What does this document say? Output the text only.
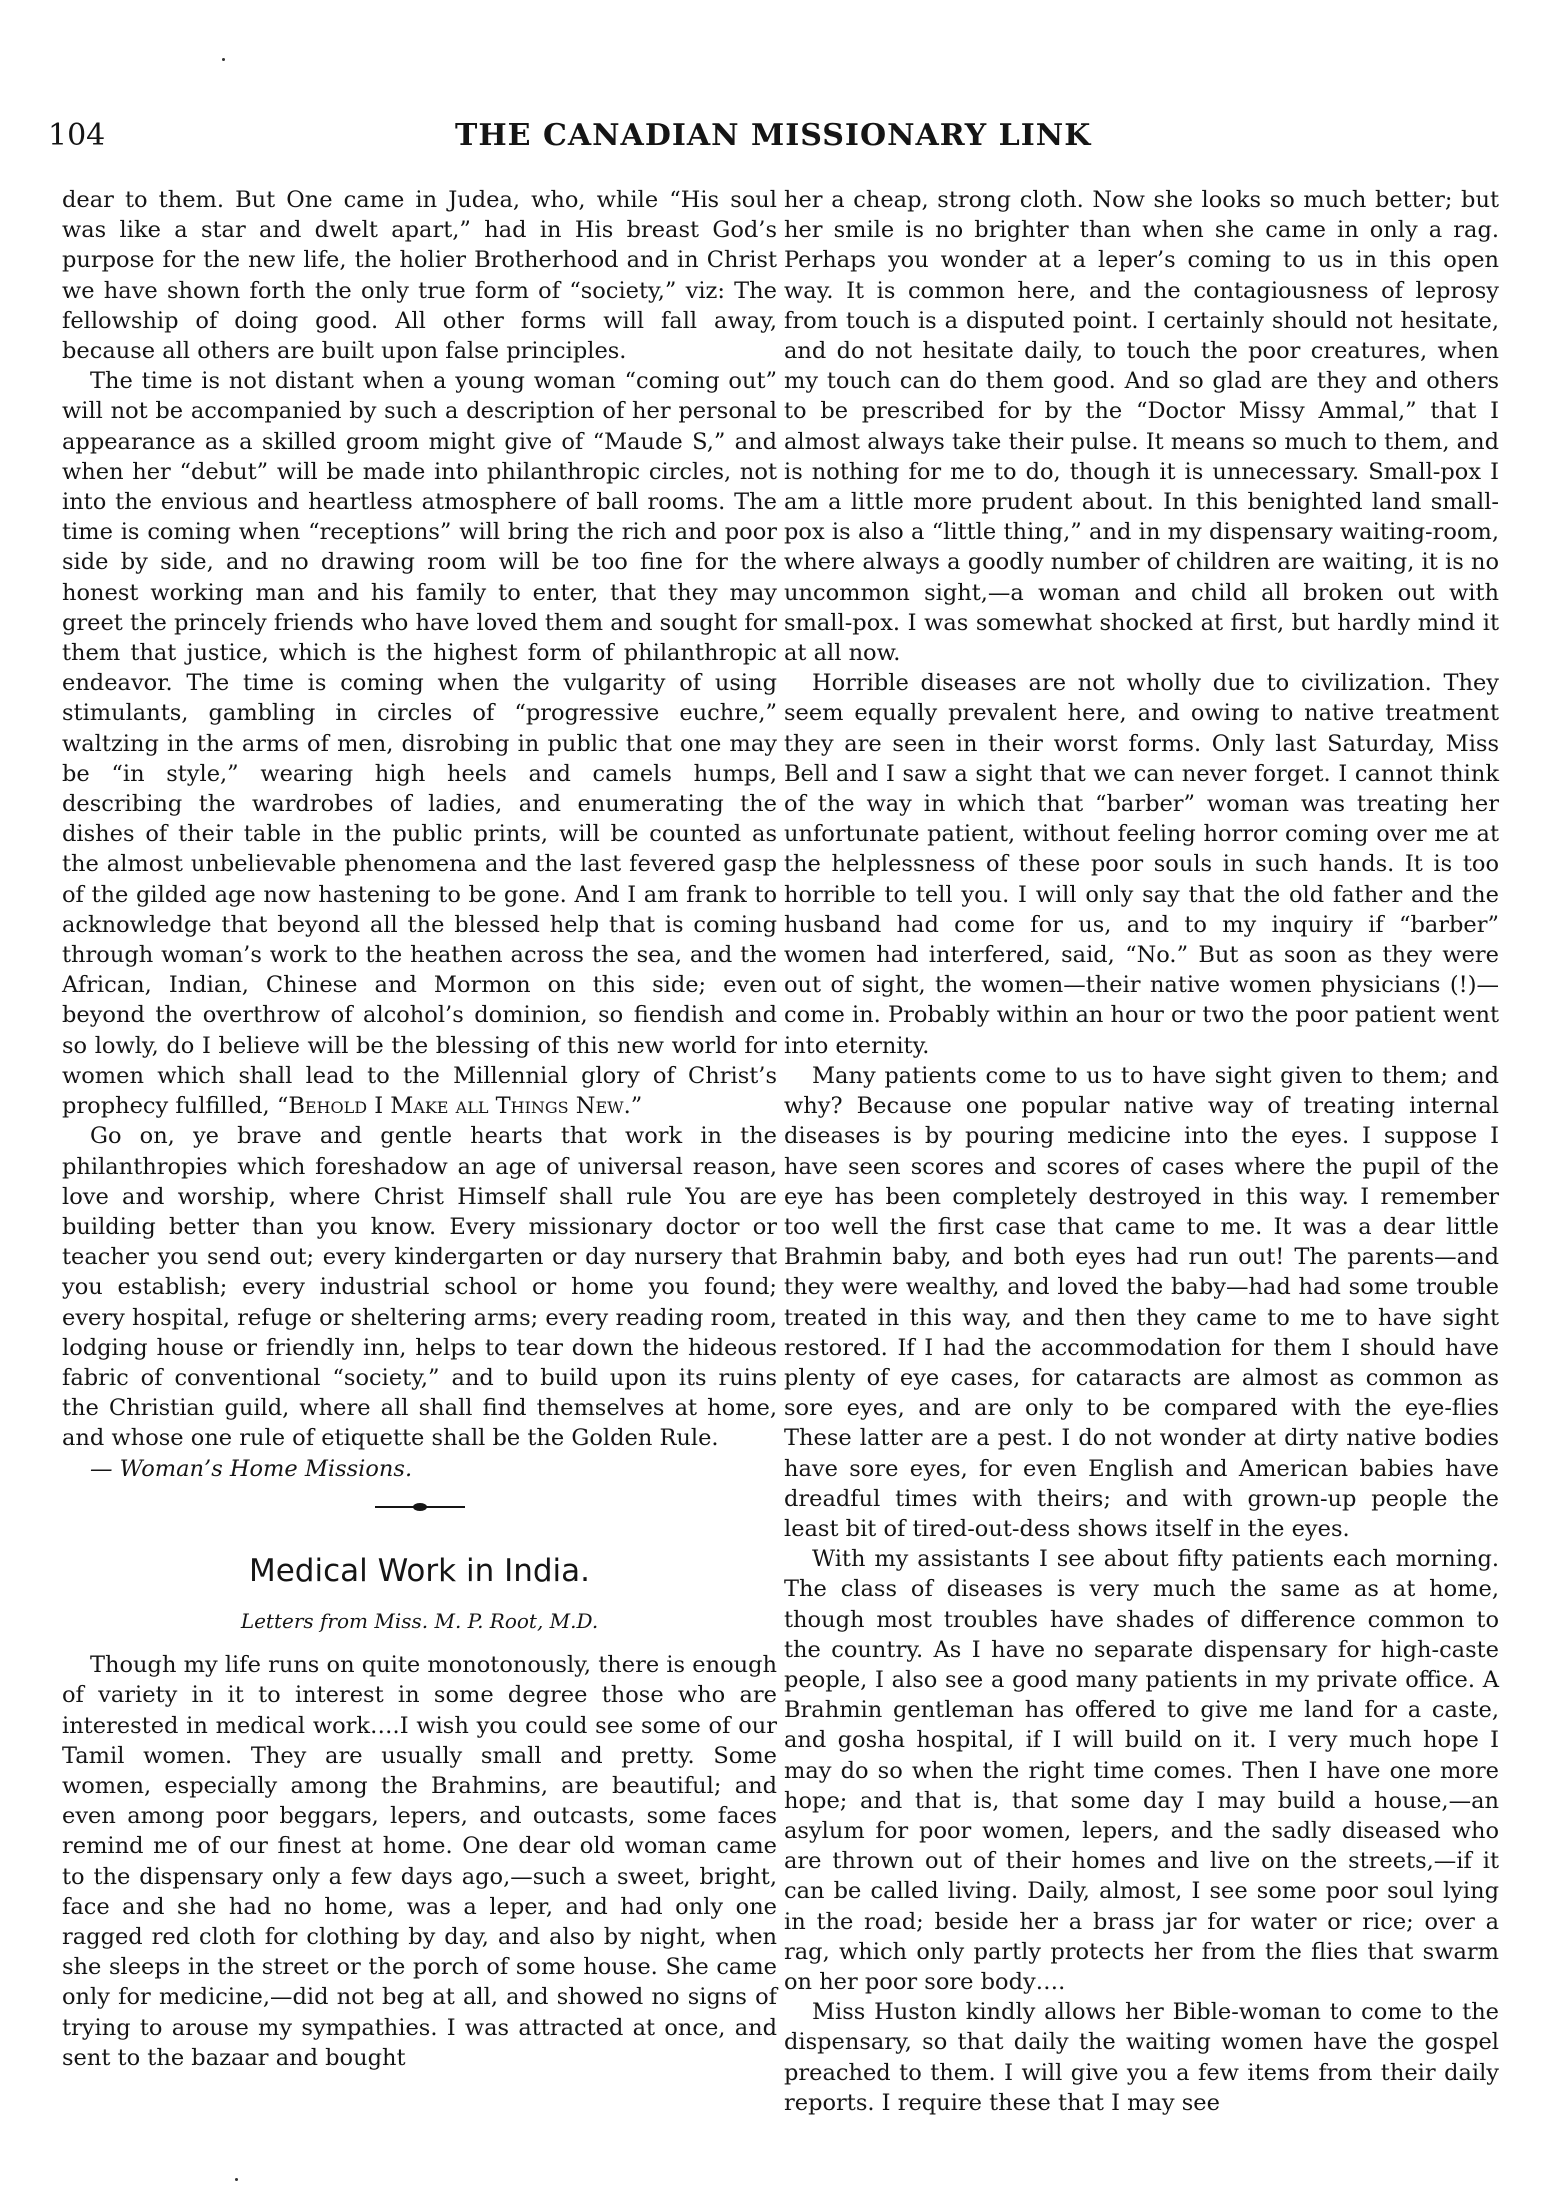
104	THE CANADIAN MISSIONARY LINK

dear to them. But One came in Judea, who, while “His soul was like a star and dwelt apart,” had in His breast God’s purpose for the new life, the holier Brotherhood and in Christ we have shown forth the only true form of “society,” viz: The fellowship of doing good. All other forms will fall away, because all others are built upon false principles.

The time is not distant when a young woman “coming out” will not be accompanied by such a description of her personal appearance as a skilled groom might give of “Maude S,” and when her “debut” will be made into philanthropic circles, not into the envious and heartless atmosphere of ball rooms. The time is coming when “receptions” will bring the rich and poor side by side, and no drawing room will be too fine for the honest working man and his family to enter, that they may greet the princely friends who have loved them and sought for them that justice, which is the highest form of philanthropic endeavor. The time is coming when the vulgarity of using stimulants, gambling in circles of “progressive euchre,” waltzing in the arms of men, disrobing in public that one may be “in style,” wearing high heels and camels humps, describing the wardrobes of ladies, and enumerating the dishes of their table in the public prints, will be counted as the almost unbelievable phenomena and the last fevered gasp of the gilded age now hastening to be gone. And I am frank to acknowledge that beyond all the blessed help that is coming through woman’s work to the heathen across the sea, and the African, Indian, Chinese and Mormon on this side; even beyond the overthrow of alcohol’s dominion, so fiendish and so lowly, do I believe will be the blessing of this new world for women which shall lead to the Millennial glory of Christ’s prophecy fulfilled, “Behold I Make all Things New.”

Go on, ye brave and gentle hearts that work in the philanthropies which foreshadow an age of universal reason, love and worship, where Christ Himself shall rule You are building better than you know. Every missionary doctor or teacher you send out; every kindergarten or day nursery that you establish; every industrial school or home you found; every hospital, refuge or sheltering arms; every reading room, lodging house or friendly inn, helps to tear down the hideous fabric of conventional “society,” and to build upon its ruins the Christian guild, where all shall find themselves at home, and whose one rule of etiquette shall be the Golden Rule.

— Woman’s Home Missions.

Medical Work in India.
Letters from Miss. M. P. Root, M.D.

Though my life runs on quite monotonously, there is enough of variety in it to interest in some degree those who are interested in medical work….I wish you could see some of our Tamil women. They are usually small and pretty. Some women, especially among the Brahmins, are beautiful; and even among poor beggars, lepers, and outcasts, some faces remind me of our finest at home. One dear old woman came to the dispensary only a few days ago,—such a sweet, bright, face and she had no home, was a leper, and had only one ragged red cloth for clothing by day, and also by night, when she sleeps in the street or the porch of some house. She came only for medicine,—did not beg at all, and showed no signs of trying to arouse my sympathies. I was attracted at once, and sent to the bazaar and bought

her a cheap, strong cloth. Now she looks so much better; but her smile is no brighter than when she came in only a rag. Perhaps you wonder at a leper’s coming to us in this open way. It is common here, and the contagiousness of leprosy from touch is a disputed point. I certainly should not hesitate, and do not hesitate daily, to touch the poor creatures, when my touch can do them good. And so glad are they and others to be prescribed for by the “Doctor Missy Ammal,” that I almost always take their pulse. It means so much to them, and is nothing for me to do, though it is unnecessary. Small-pox I am a little more prudent about. In this benighted land small-pox is also a “little thing,” and in my dispensary waiting-room, where always a goodly number of children are waiting, it is no uncommon sight,—a woman and child all broken out with small-pox. I was somewhat shocked at first, but hardly mind it at all now.

Horrible diseases are not wholly due to civilization. They seem equally prevalent here, and owing to native treatment they are seen in their worst forms. Only last Saturday, Miss Bell and I saw a sight that we can never forget. I cannot think of the way in which that “barber” woman was treating her unfortunate patient, without feeling horror coming over me at the helplessness of these poor souls in such hands. It is too horrible to tell you. I will only say that the old father and the husband had come for us, and to my inquiry if “barber” women had interfered, said, “No.” But as soon as they were out of sight, the women—their native women physicians (!)—come in. Probably within an hour or two the poor patient went into eternity.

Many patients come to us to have sight given to them; and why? Because one popular native way of treating internal diseases is by pouring medicine into the eyes. I suppose I have seen scores and scores of cases where the pupil of the eye has been completely destroyed in this way. I remember too well the first case that came to me. It was a dear little Brahmin baby, and both eyes had run out! The parents—and they were wealthy, and loved the baby—had had some trouble treated in this way, and then they came to me to have sight restored. If I had the accommodation for them I should have plenty of eye cases, for cataracts are almost as common as sore eyes, and are only to be compared with the eye-flies These latter are a pest. I do not wonder at dirty native bodies have sore eyes, for even English and American babies have dreadful times with theirs; and with grown-up people the least bit of tired-out-dess shows itself in the eyes.

With my assistants I see about fifty patients each morning. The class of diseases is very much the same as at home, though most troubles have shades of difference common to the country. As I have no separate dispensary for high-caste people, I also see a good many patients in my private office. A Brahmin gentleman has offered to give me land for a caste, and gosha hospital, if I will build on it. I very much hope I may do so when the right time comes. Then I have one more hope; and that is, that some day I may build a house,—an asylum for poor women, lepers, and the sadly diseased who are thrown out of their homes and live on the streets,—if it can be called living. Daily, almost, I see some poor soul lying in the road; beside her a brass jar for water or rice; over a rag, which only partly protects her from the flies that swarm on her poor sore body….

Miss Huston kindly allows her Bible-woman to come to the dispensary, so that daily the waiting women have the gospel preached to them. I will give you a few items from their daily reports. I require these that I may see
